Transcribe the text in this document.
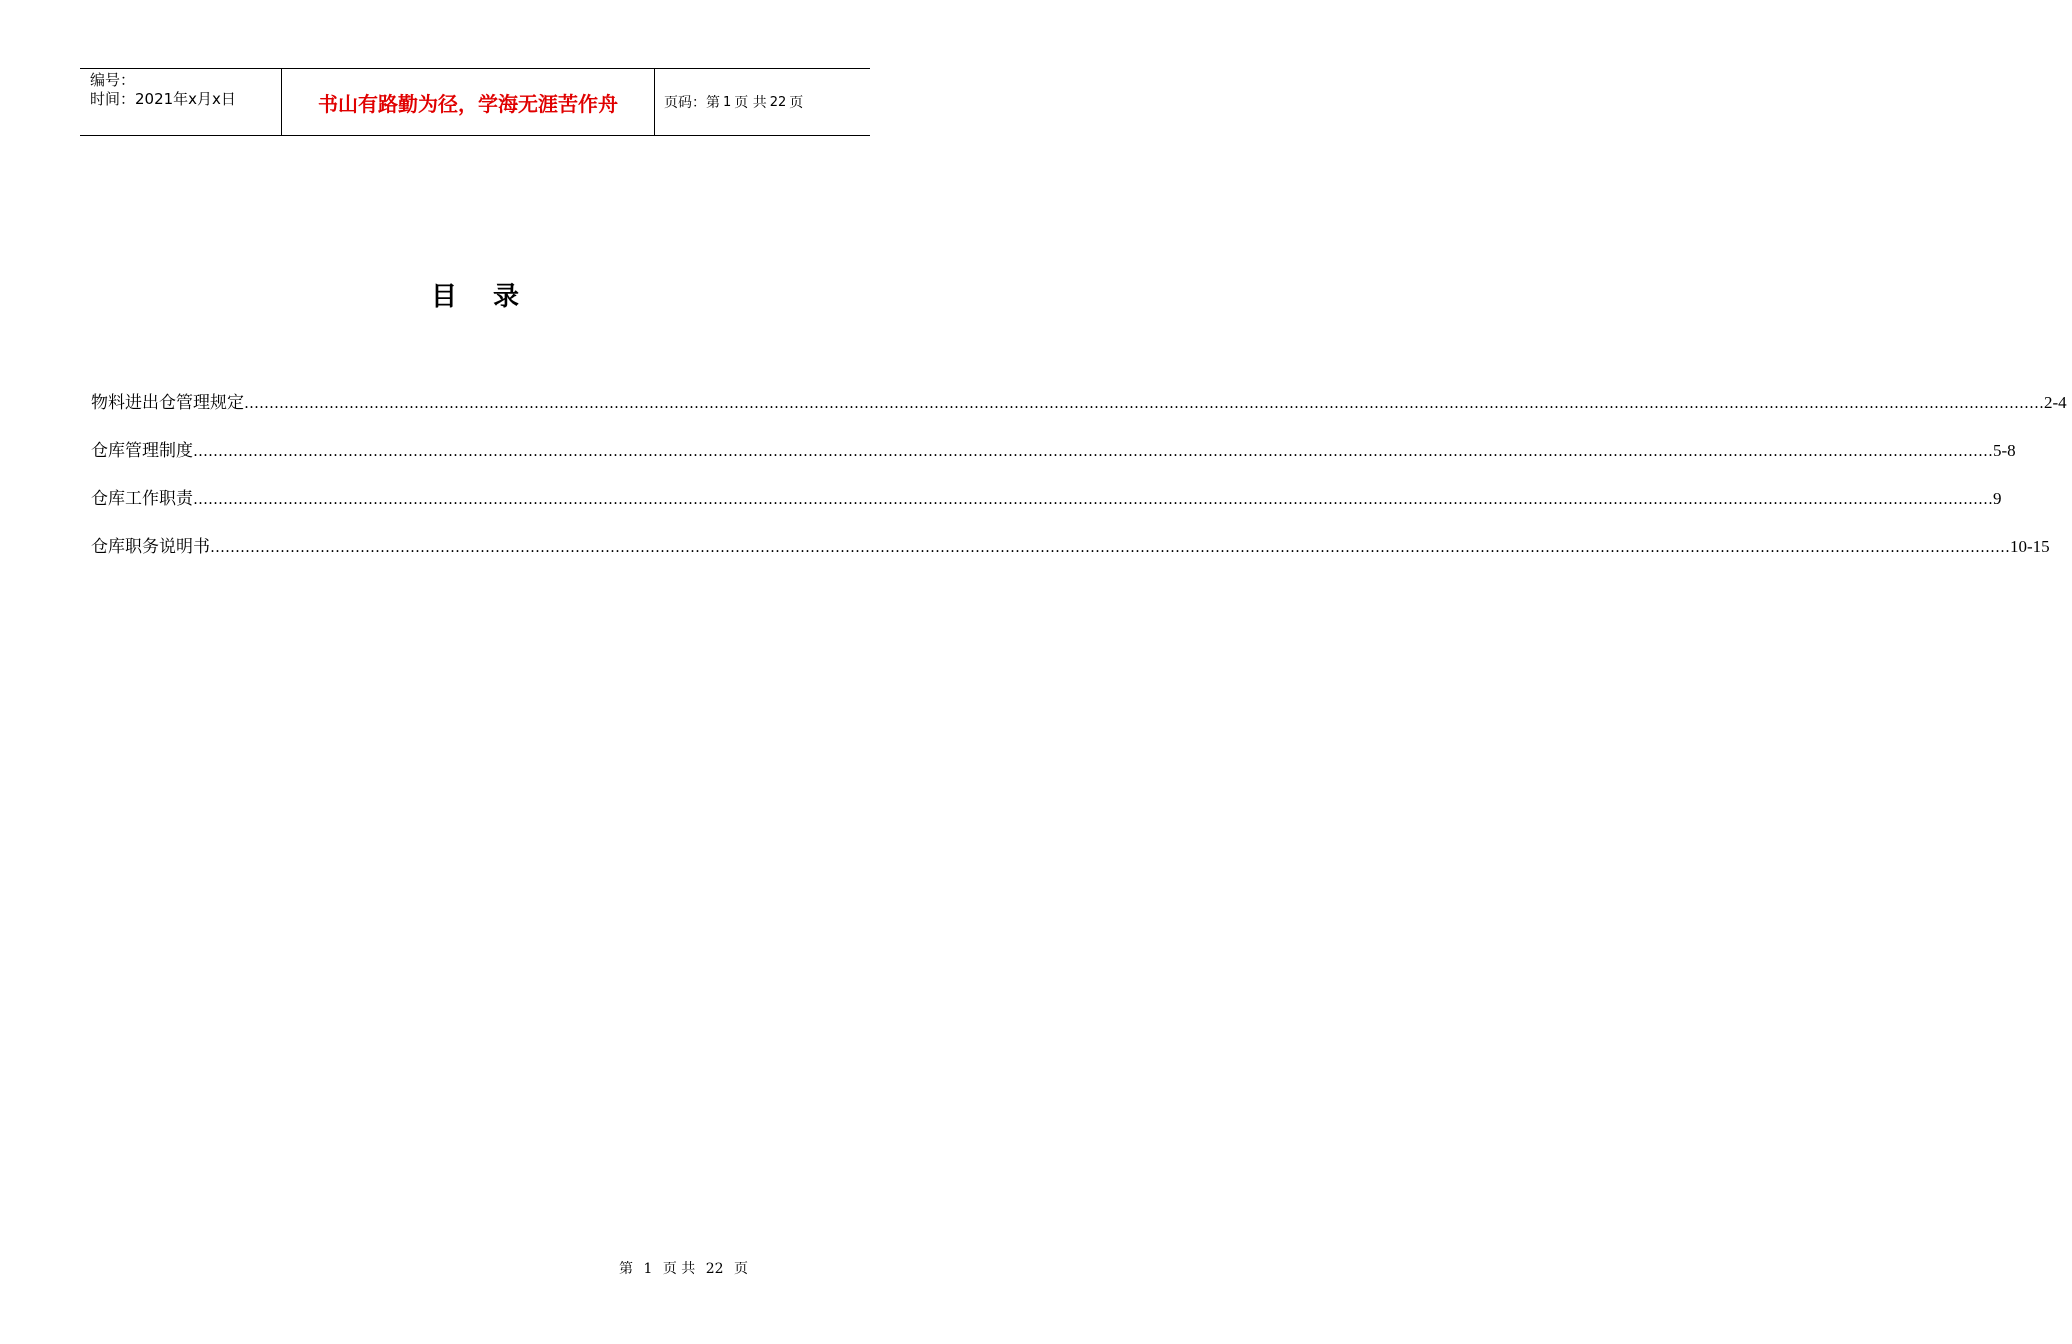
编号：
时间：2021年x月x日	书山有路勤为径，学海无涯苦作舟	页码：第 1 页 共 22 页
目录
物料进出仓管理规定 ……………………………………………………………………………………………………………………………………………………………………………………………………………………………………………………………………………………………………………………………… 2-4
仓库管理制度 ……………………………………………………………………………………………………………………………………………………………………………………………………………………………………………………………………………………………………………………………… 5-8
仓库工作职责 ……………………………………………………………………………………………………………………………………………………………………………………………………………………………………………………………………………………………………………………………… 9
仓库职务说明书 ……………………………………………………………………………………………………………………………………………………………………………………………………………………………………………………………………………………………………………………………… 10-15
第 1 页 共 22 页
